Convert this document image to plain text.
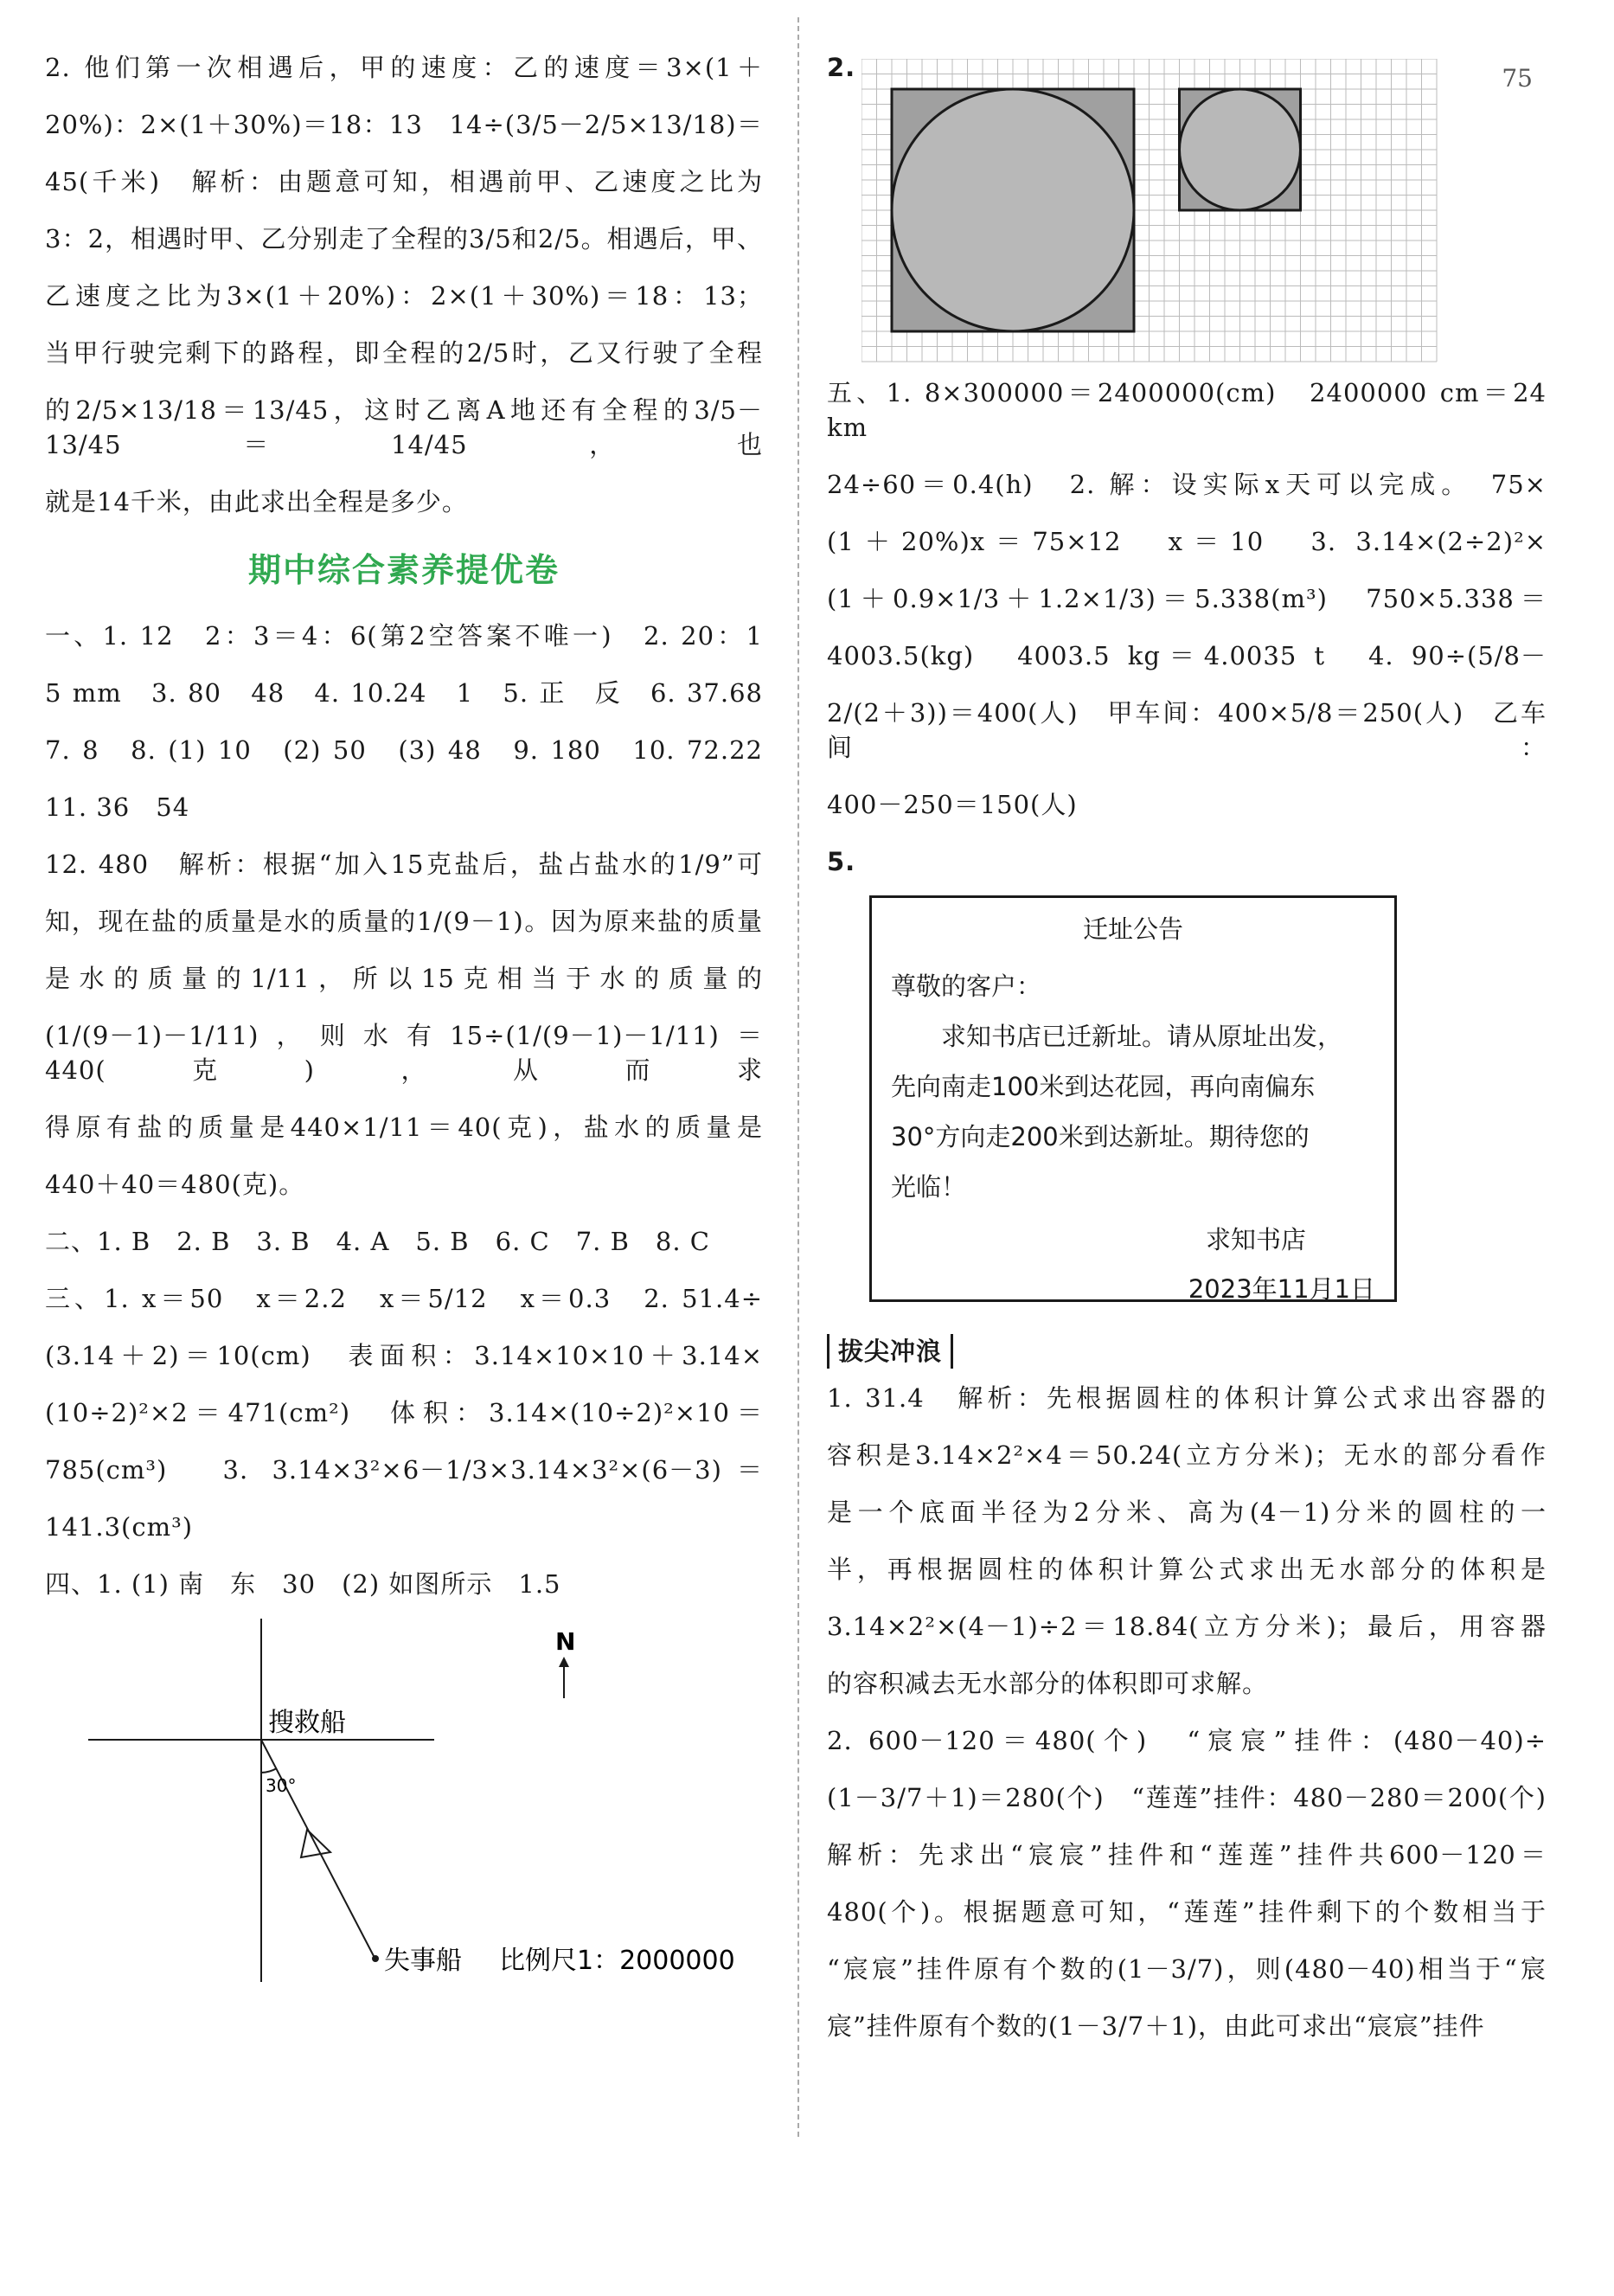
75
2. 他们第一次相遇后，甲的速度：乙的速度＝3×(1＋
20%)：2×(1＋30%)＝18：13　14÷(3/5－2/5×13/18)＝
45(千米)　解析：由题意可知，相遇前甲、乙速度之比为
3：2，相遇时甲、乙分别走了全程的3/5和2/5。相遇后，甲、
乙速度之比为3×(1＋20%)：2×(1＋30%)＝18：13；
当甲行驶完剩下的路程，即全程的2/5时，乙又行驶了全程
的2/5×13/18＝13/45，这时乙离A地还有全程的3/5－13/45＝14/45，也
就是14千米，由此求出全程是多少。
期中综合素养提优卷
一、1. 12　2：3＝4：6(第2空答案不唯一)　2. 20：1
5 mm　3. 80　48　4. 10.24　1　5. 正　反　6. 37.68
7. 8　8. (1) 10　(2) 50　(3) 48　9. 180　10. 72.22
11. 36　54
12. 480　解析：根据“加入15克盐后，盐占盐水的1/9”可
知，现在盐的质量是水的质量的1/(9－1)。因为原来盐的质量
是水的质量的1/11，所以15克相当于水的质量的
(1/(9－1)－1/11)，则水有15÷(1/(9－1)－1/11)＝440(克)，从而求
得原有盐的质量是440×1/11＝40(克)，盐水的质量是
440＋40＝480(克)。
二、1. B　2. B　3. B　4. A　5. B　6. C　7. B　8. C
三、1. x＝50　x＝2.2　x＝5/12　x＝0.3　2. 51.4÷
(3.14＋2)＝10(cm)　表面积：3.14×10×10＋3.14×
(10÷2)²×2＝471(cm²)　体积：3.14×(10÷2)²×10＝
785(cm³)　3. 3.14×3²×6－1/3×3.14×3²×(6－3)＝
141.3(cm³)
四、1. (1) 南　东　30　(2) 如图所示　1.5
30°
搜救船
失事船 比例尺1：2000000
N
2.
五、1. 8×300000＝2400000(cm)　2400000 cm＝24 km
24÷60＝0.4(h)　2. 解：设实际x天可以完成。　75×
(1＋20%)x＝75×12　x＝10　3. 3.14×(2÷2)²×
(1＋0.9×1/3＋1.2×1/3)＝5.338(m³)　750×5.338＝
4003.5(kg)　4003.5 kg＝4.0035 t　4. 90÷(5/8－
2/(2＋3))＝400(人)　甲车间：400×5/8＝250(人)　乙车间：
400－250＝150(人)
5.
拔尖冲浪
1. 31.4　解析：先根据圆柱的体积计算公式求出容器的
容积是3.14×2²×4＝50.24(立方分米)；无水的部分看作
是一个底面半径为2分米、高为(4－1)分米的圆柱的一
半，再根据圆柱的体积计算公式求出无水部分的体积是
3.14×2²×(4－1)÷2＝18.84(立方分米)；最后，用容器
的容积减去无水部分的体积即可求解。
2. 600－120＝480(个)　“宸宸”挂件：(480－40)÷
(1－3/7＋1)＝280(个)　“莲莲”挂件：480－280＝200(个)
解析：先求出“宸宸”挂件和“莲莲”挂件共600－120＝
480(个)。根据题意可知，“莲莲”挂件剩下的个数相当于
“宸宸”挂件原有个数的(1－3/7)，则(480－40)相当于“宸
宸”挂件原有个数的(1－3/7＋1)，由此可求出“宸宸”挂件
迁址公告
尊敬的客户：
求知书店已迁新址。请从原址出发，
先向南走100米到达花园，再向南偏东
30°方向走200米到达新址。期待您的
光临！
求知书店
2023年11月1日
